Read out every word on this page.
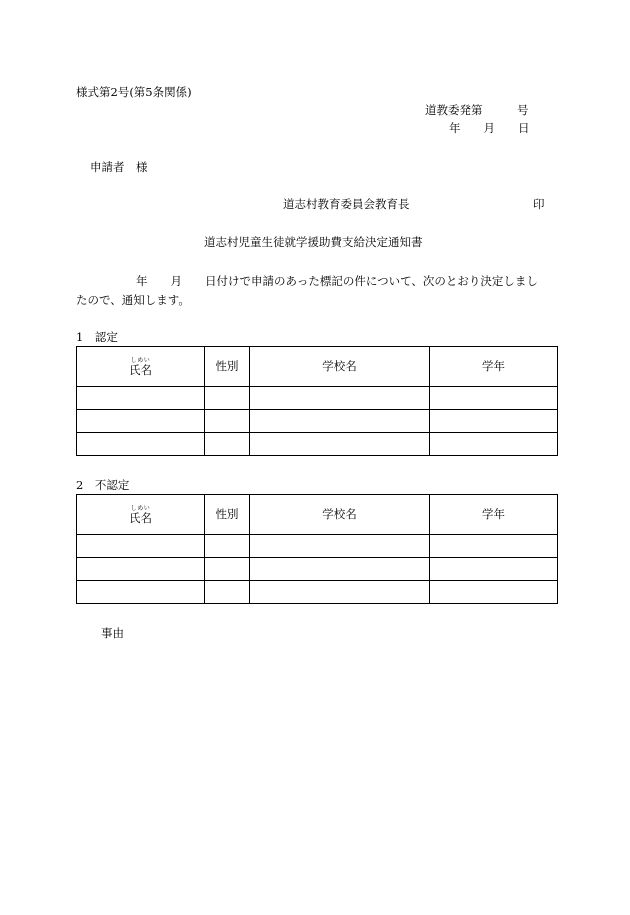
様式第2号(第5条関係)
道教委発第　　　号
年　　月　　日
申請者　様
道志村教育委員会教育長	印
道志村児童生徒就学援助費支給決定通知書
年　　月　　日付けで申請のあった標記の件について、次のとおり決定しまし
たので、通知します。
1　認定
しめい
氏名	性別	学校名	学年

2　不認定
しめい
氏名	性別	学校名	学年

事由
